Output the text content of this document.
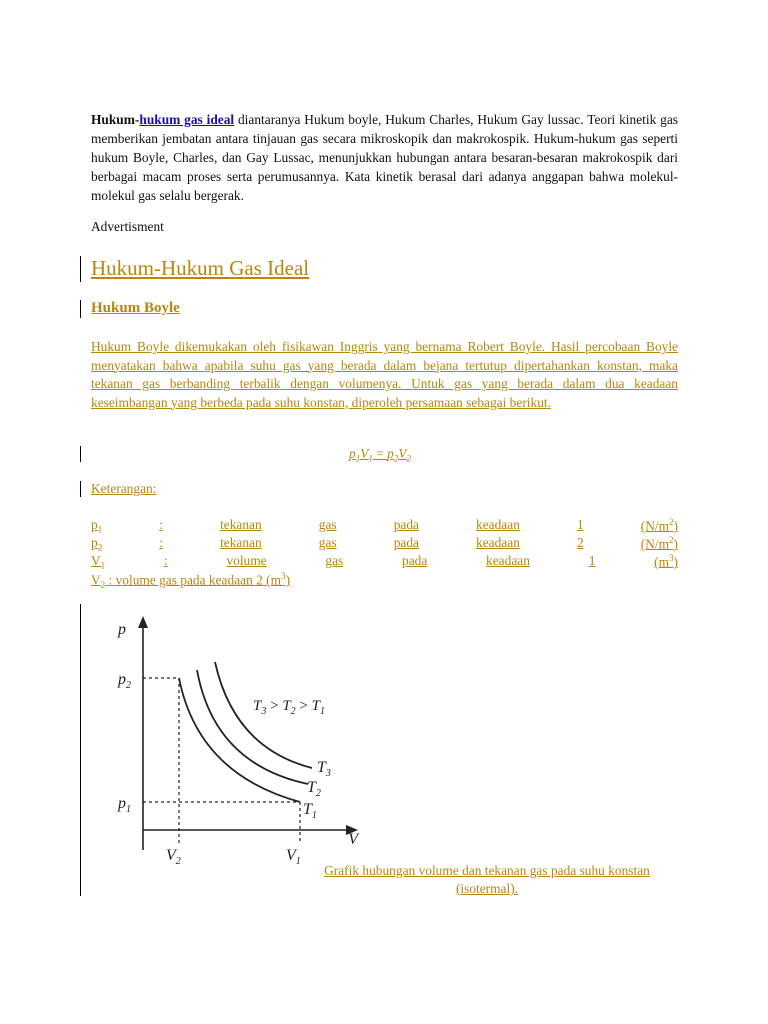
Hukum-hukum gas ideal diantaranya Hukum boyle, Hukum Charles, Hukum Gay lussac. Teori kinetik gas memberikan jembatan antara tinjauan gas secara mikroskopik dan makrokospik. Hukum-hukum gas seperti hukum Boyle, Charles, dan Gay Lussac, menunjukkan hubungan antara besaran-besaran makrokospik dari berbagai macam proses serta perumusannya. Kata kinetik berasal dari adanya anggapan bahwa molekul-molekul gas selalu bergerak.

Advertisment
Hukum-Hukum Gas Ideal
Hukum Boyle

Hukum Boyle dikemukakan oleh fisikawan Inggris yang bernama Robert Boyle. Hasil percobaan Boyle menyatakan bahwa apabila suhu gas yang berada dalam bejana tertutup dipertahankan konstan, maka tekanan gas berbanding terbalik dengan volumenya. Untuk gas yang berada dalam dua keadaan keseimbangan yang berbeda pada suhu konstan, diperoleh persamaan sebagai berikut.

$p_1V_1 = p_2V_2$
Keterangan:
$p_1$	:	tekanan	gas	pada	keadaan	1	$(N/m^2)$
$p_2$	:	tekanan	gas	pada	keadaan	2	$(N/m^2)$
$V_1$	:	volume	gas	pada	keadaan	1	$(m^3)$
$V_2$ : volume gas pada keadaan 2 $(m^3)$
Grafik hubungan volume dan tekanan gas pada suhu konstan (isotermal).
p
V
$p_2$
$p_1$
$V_2$	$V_1$
$T_3$
$T_2$
$T_1$
$T_3 > T_2 > T_1$
